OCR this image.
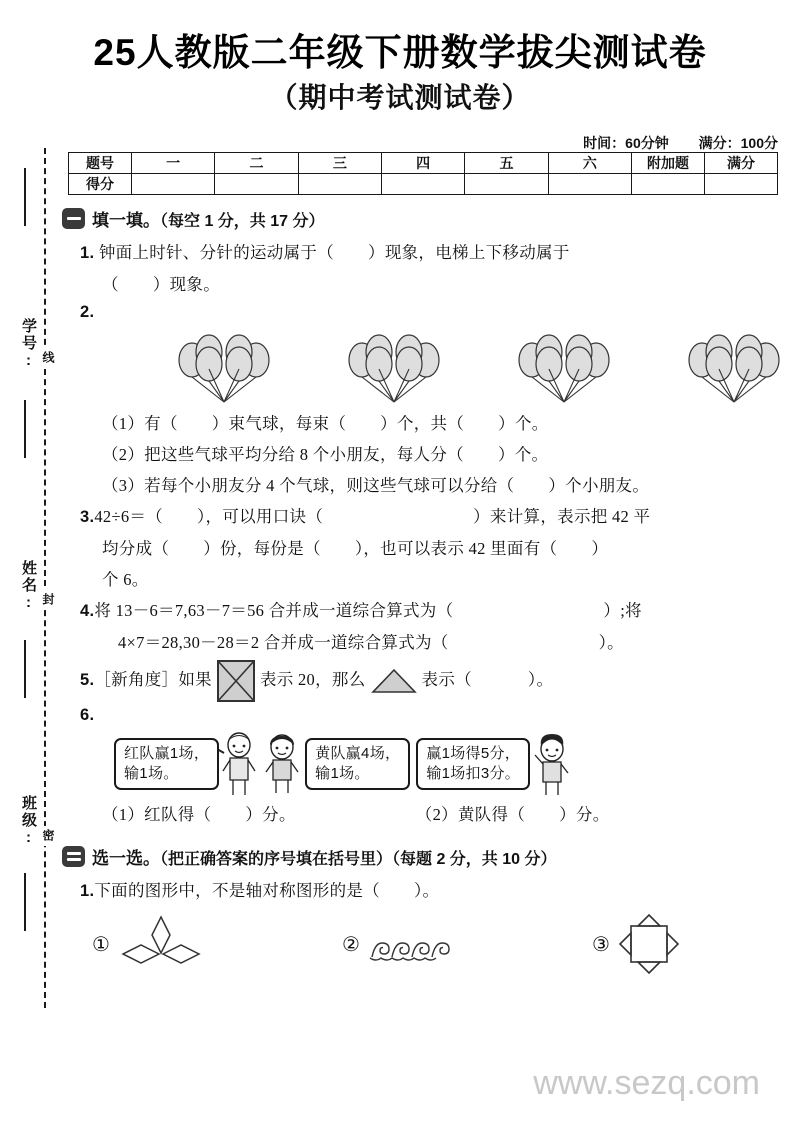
学号: 线
姓名: 封
班级: 密
25人教版二年级下册数学拔尖测试卷
（期中考试测试卷）
时间：60分钟 满分：100分
题号	一	二	三	四	五	六	附加题	满分
得分								
填一填。（每空 1 分，共 17 分）
1. 钟面上时针、分针的运动属于（ ）现象，电梯上下移动属于
（ ）现象。
2.
（1）有（ ）束气球，每束（ ）个，共（ ）个。
（2）把这些气球平均分给 8 个小朋友，每人分（ ）个。
（3）若每个小朋友分 4 个气球，则这些气球可以分给（ ）个小朋友。
3.42÷6＝（ ），可以用口诀（	）来计算，表示把 42 平
均分成（ ）份，每份是（ ），也可以表示 42 里面有（ ）
个 6。
4.将 13－6＝7,63－7＝56 合并成一道综合算式为（	）;将
4×7＝28,30－28＝2 合并成一道综合算式为（	）。
5.［新角度］如果	表示 20，那么	表示（	）。
6.
红队赢1场，
输1场。
黄队赢4场，
输1场。
赢1场得5分，
输1场扣3分。
（1）红队得（ ）分。	（2）黄队得（ ）分。
选一选。（把正确答案的序号填在括号里）（每题 2 分，共 10 分）
1.下面的图形中，不是轴对称图形的是（ ）。
①	②	③
www.sezq.com
